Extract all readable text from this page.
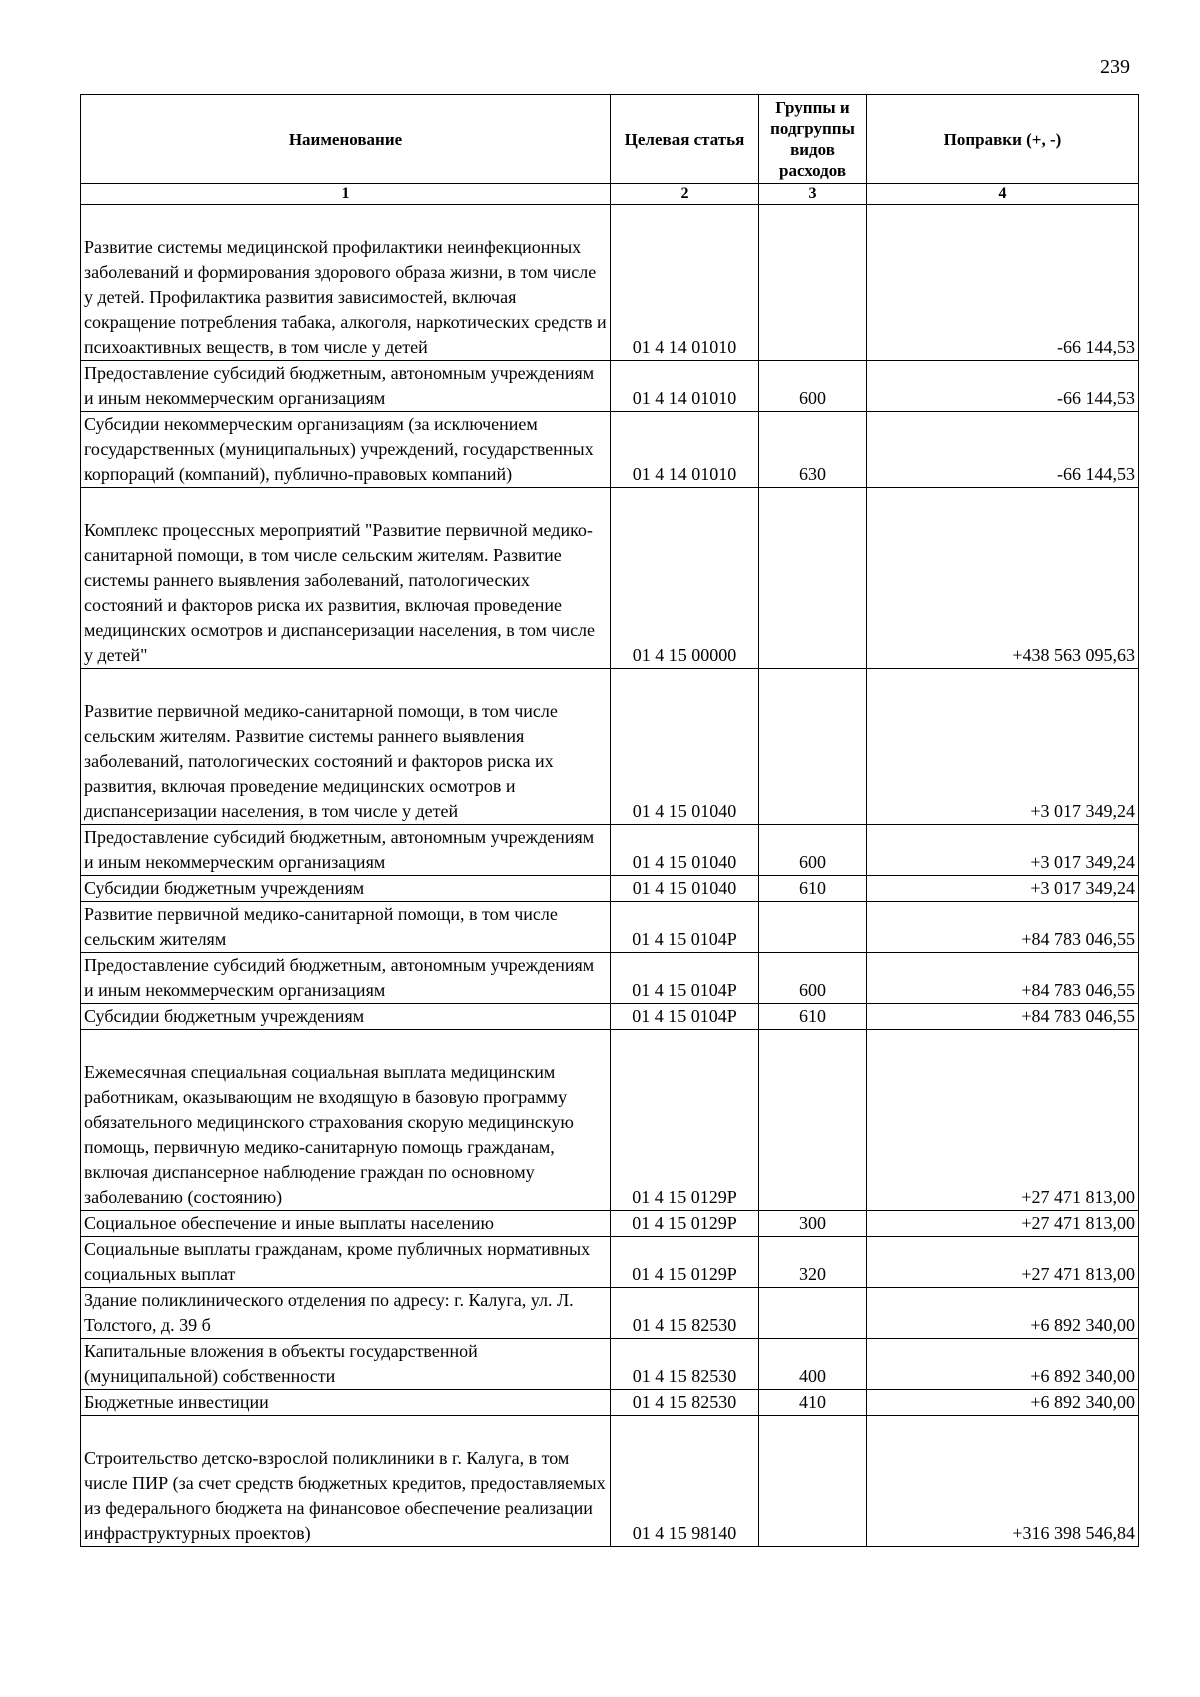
239
Наименование	Целевая статья	Группы и подгруппы видов расходов	Поправки (+, -)
1	2	3	4
Развитие системы медицинской профилактики неинфекционных заболеваний и формирования здорового образа жизни, в том числе у детей. Профилактика развития зависимостей, включая сокращение потребления табака, алкоголя, наркотических средств и психоактивных веществ, в том числе у детей	01 4 14 01010		-66 144,53
Предоставление субсидий бюджетным, автономным учреждениям и иным некоммерческим организациям	01 4 14 01010	600	-66 144,53
Субсидии некоммерческим организациям (за исключением государственных (муниципальных) учреждений, государственных корпораций (компаний), публично-правовых компаний)	01 4 14 01010	630	-66 144,53
Комплекс процессных мероприятий "Развитие первичной медико-санитарной помощи, в том числе сельским жителям. Развитие системы раннего выявления заболеваний, патологических состояний и факторов риска их развития, включая проведение медицинских осмотров и диспансеризации населения, в том числе у детей"	01 4 15 00000		+438 563 095,63
Развитие первичной медико-санитарной помощи, в том числе сельским жителям. Развитие системы раннего выявления заболеваний, патологических состояний и факторов риска их развития, включая проведение медицинских осмотров и диспансеризации населения, в том числе у детей	01 4 15 01040		+3 017 349,24
Предоставление субсидий бюджетным, автономным учреждениям и иным некоммерческим организациям	01 4 15 01040	600	+3 017 349,24
Субсидии бюджетным учреждениям	01 4 15 01040	610	+3 017 349,24
Развитие первичной медико-санитарной помощи, в том числе сельским жителям	01 4 15 0104P		+84 783 046,55
Предоставление субсидий бюджетным, автономным учреждениям и иным некоммерческим организациям	01 4 15 0104P	600	+84 783 046,55
Субсидии бюджетным учреждениям	01 4 15 0104P	610	+84 783 046,55
Ежемесячная специальная социальная выплата медицинским работникам, оказывающим не входящую в базовую программу обязательного медицинского страхования скорую медицинскую помощь, первичную медико-санитарную помощь гражданам, включая диспансерное наблюдение граждан по основному заболеванию (состоянию)	01 4 15 0129P		+27 471 813,00
Социальное обеспечение и иные выплаты населению	01 4 15 0129P	300	+27 471 813,00
Социальные выплаты гражданам, кроме публичных нормативных социальных выплат	01 4 15 0129P	320	+27 471 813,00
Здание поликлинического отделения по адресу: г. Калуга, ул. Л. Толстого, д. 39 б	01 4 15 82530		+6 892 340,00
Капитальные вложения в объекты государственной (муниципальной) собственности	01 4 15 82530	400	+6 892 340,00
Бюджетные инвестиции	01 4 15 82530	410	+6 892 340,00
Строительство детско-взрослой поликлиники в г. Калуга, в том числе ПИР (за счет средств бюджетных кредитов, предоставляемых из федерального бюджета на финансовое обеспечение реализации инфраструктурных проектов)	01 4 15 98140		+316 398 546,84
